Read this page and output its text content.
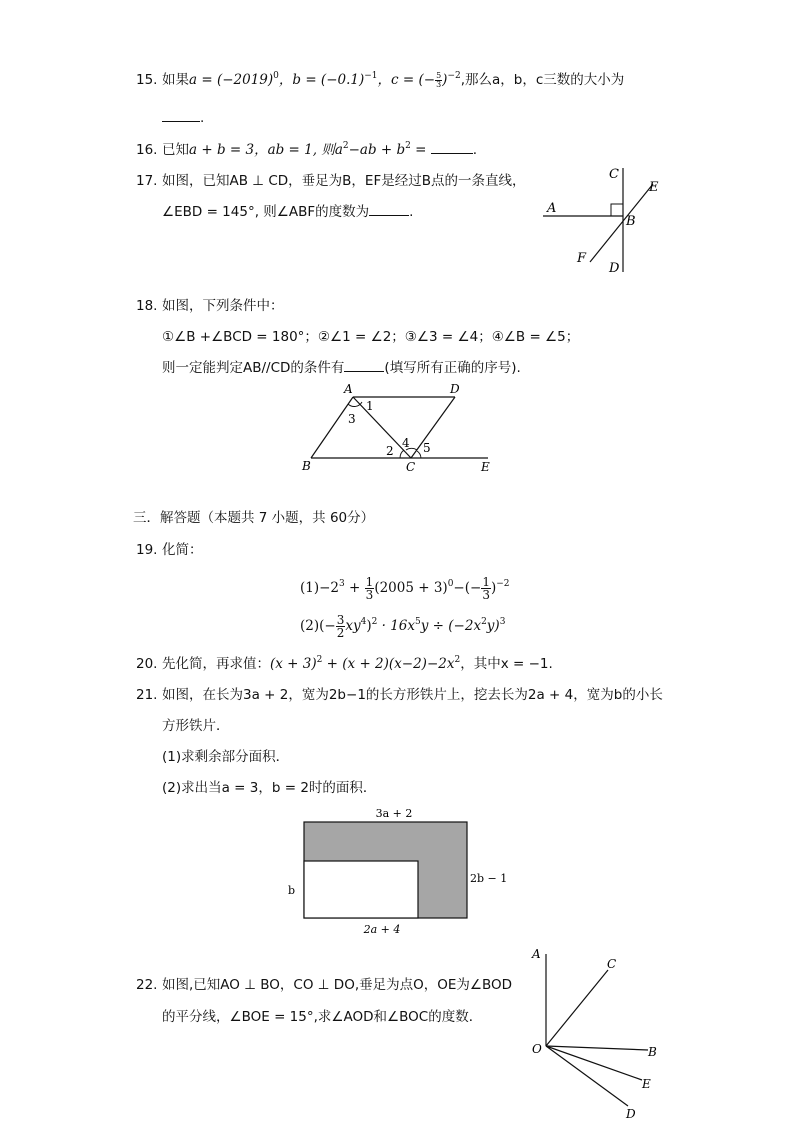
15. 如果$a = (-2019)^0$，$b = (-0.1)^{-1}$，c = (− $\frac{5}{3} )^{-2}$,那么a，b，c三数的大小为
.
16. 已知a + b = 3，ab = 1, 则$a^2-ab + b^2$ =	.
17. 如图，已知AB ⊥ CD，垂足为B，EF是经过B点的一条直线，
∠EBD = 145°, 则∠ABF的度数为	.
C
E
A
B
F
D
18. 如图，下列条件中：
①∠B +∠BCD = 180°；②∠1 = ∠2；③∠3 = ∠4；④∠B = ∠5；
则一定能判定AB//CD的条件有	(填写所有正确的序号).
A	D
B	C	E
1
3
2
4 5
三．解答题（本题共 7 小题，共 60分）
19. 化简：
$(1)-2^3 + \frac{1}{3} (2005 + 3)^0-(- \frac{1}{3} )^{-2}$
$(2)(- \frac{3}{2} xy^4)^2 \cdot 16x^5y \div (-2x^2y)^3$
20. 先化简，再求值：$(x + 3)^2 + (x + 2)(x-2)-2x^2$，其中x = −1.
21. 如图，在长为3a + 2，宽为2b−1的长方形铁片上，挖去长为2a + 4，宽为b的小长
方形铁片．
(1)求剩余部分面积．
(2)求出当a = 3，b = 2时的面积．
3a + 2
2b − 1
b
2a + 4
22. 如图,已知AO ⊥ BO，CO ⊥ DO,垂足为点O，OE为∠BOD
的平分线，∠BOE = 15°,求∠AOD和∠BOC的度数．
A
C
O	B
E
D
